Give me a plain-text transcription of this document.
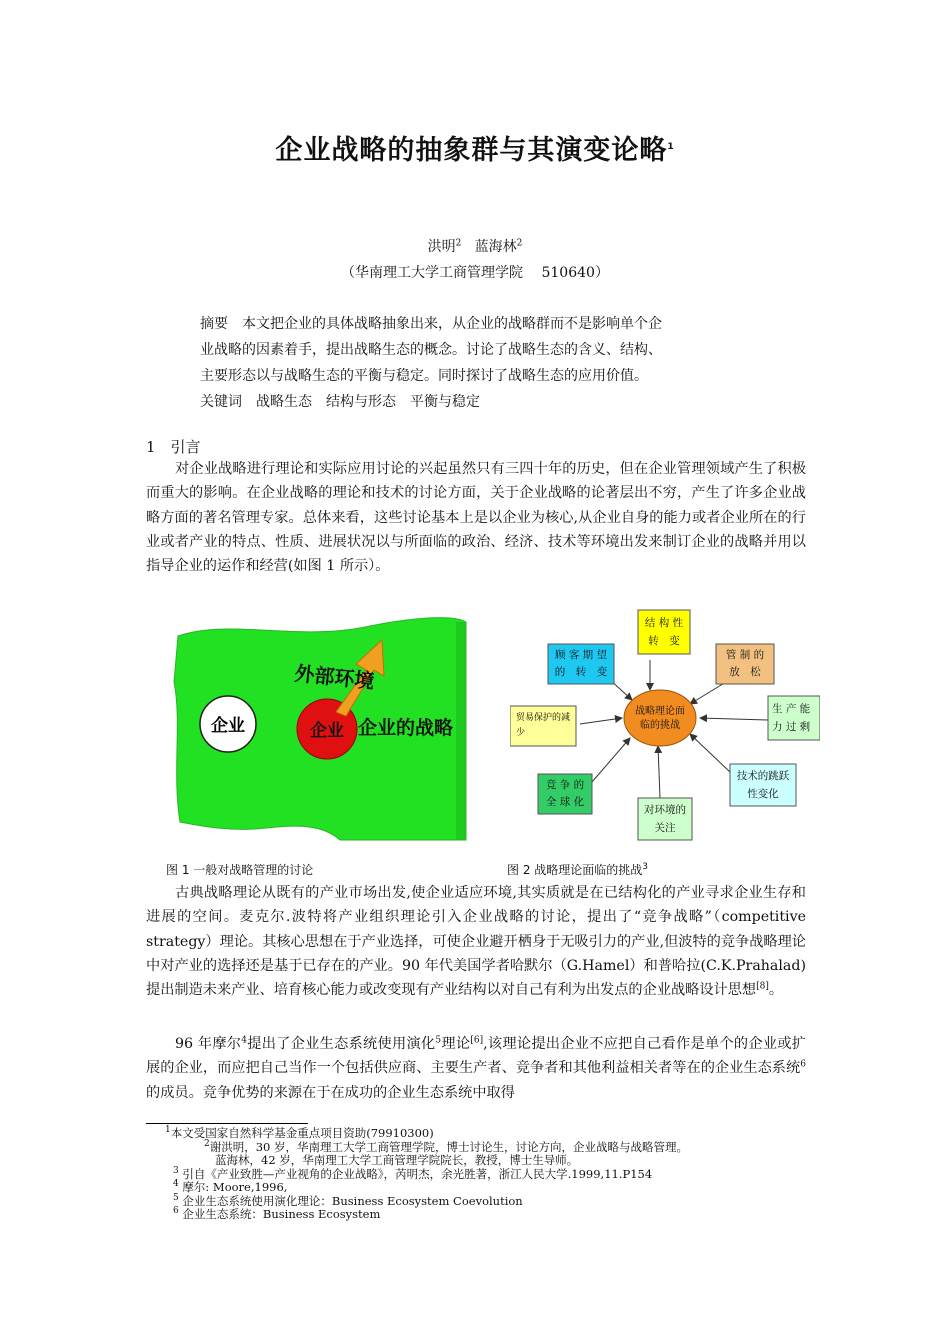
企业战略的抽象群与其演变论略$^1$
洪明$^2$ 蓝海林$^2$
（华南理工大学工商管理学院　 510640）

摘要　本文把企业的具体战略抽象出来，从企业的战略群而不是影响单个企

业战略的因素着手，提出战略生态的概念。讨论了战略生态的含义、结构、

主要形态以与战略生态的平衡与稳定。同时探讨了战略生态的应用价值。

关键词　战略生态　结构与形态　平衡与稳定

1　引言

对企业战略进行理论和实际应用讨论的兴起虽然只有三四十年的历史，但在企业管理领域产生了积极而重大的影响。在企业战略的理论和技术的讨论方面，关于企业战略的论著层出不穷，产生了许多企业战略方面的著名管理专家。总体来看，这些讨论基本上是以企业为核心,从企业自身的能力或者企业所在的行业或者产业的特点、性质、进展状况以与所面临的政治、经济、技术等环境出发来制订企业的战略并用以指导企业的运作和经营(如图 1 所示）。

企业	企业
外部环境
企业的战略
战略理论面临的挑战
结 构 性 转　变
顾 客 期 望 的　转　变
管 制 的 放　松
贸易保护的减少
生 产 能 力 过 剩
竞 争 的 全 球 化
对环境的关注
技术的跳跃性变化
图 1 一般对战略管理的讨论	图 2 战略理论面临的挑战$^3$

古典战略理论从既有的产业市场出发,使企业适应环境,其实质就是在已结构化的产业寻求企业生存和进展的空间。麦克尔.波特将产业组织理论引入企业战略的讨论，提出了“竞争战略”（competitive strategy）理论。其核心思想在于产业选择，可使企业避开栖身于无吸引力的产业,但波特的竞争战略理论中对产业的选择还是基于已存在的产业。90 年代美国学者哈默尔（G.Hamel）和普哈拉(C.K.Prahalad)提出制造未来产业、培育核心能力或改变现有产业结构以对自己有利为出发点的企业战略设计思想[8]。

96 年摩尔$^4$提出了企业生态系统使用演化$^5$理论[6],该理论提出企业不应把自己看作是单个的企业或扩展的企业，而应把自己当作一个包括供应商、主要生产者、竞争者和其他利益相关者等在的企业生态系统$^6$的成员。竞争优势的来源在于在成功的企业生态系统中取得

$^1$本文受国家自然科学基金重点项目资助(79910300)
$^2$谢洪明，30 岁，华南理工大学工商管理学院，博士讨论生，讨论方向，企业战略与战略管理。
蓝海林，42 岁，华南理工大学工商管理学院院长，教授，博士生导师。
$^3$ 引自《产业致胜—产业视角的企业战略》，芮明杰，余光胜著，浙江人民大学.1999,11.P154
$^4$ 摩尔: Moore,1996,
$^5$ 企业生态系统使用演化理论：Business Ecosystem Coevolution
$^6$ 企业生态系统：Business Ecosystem
